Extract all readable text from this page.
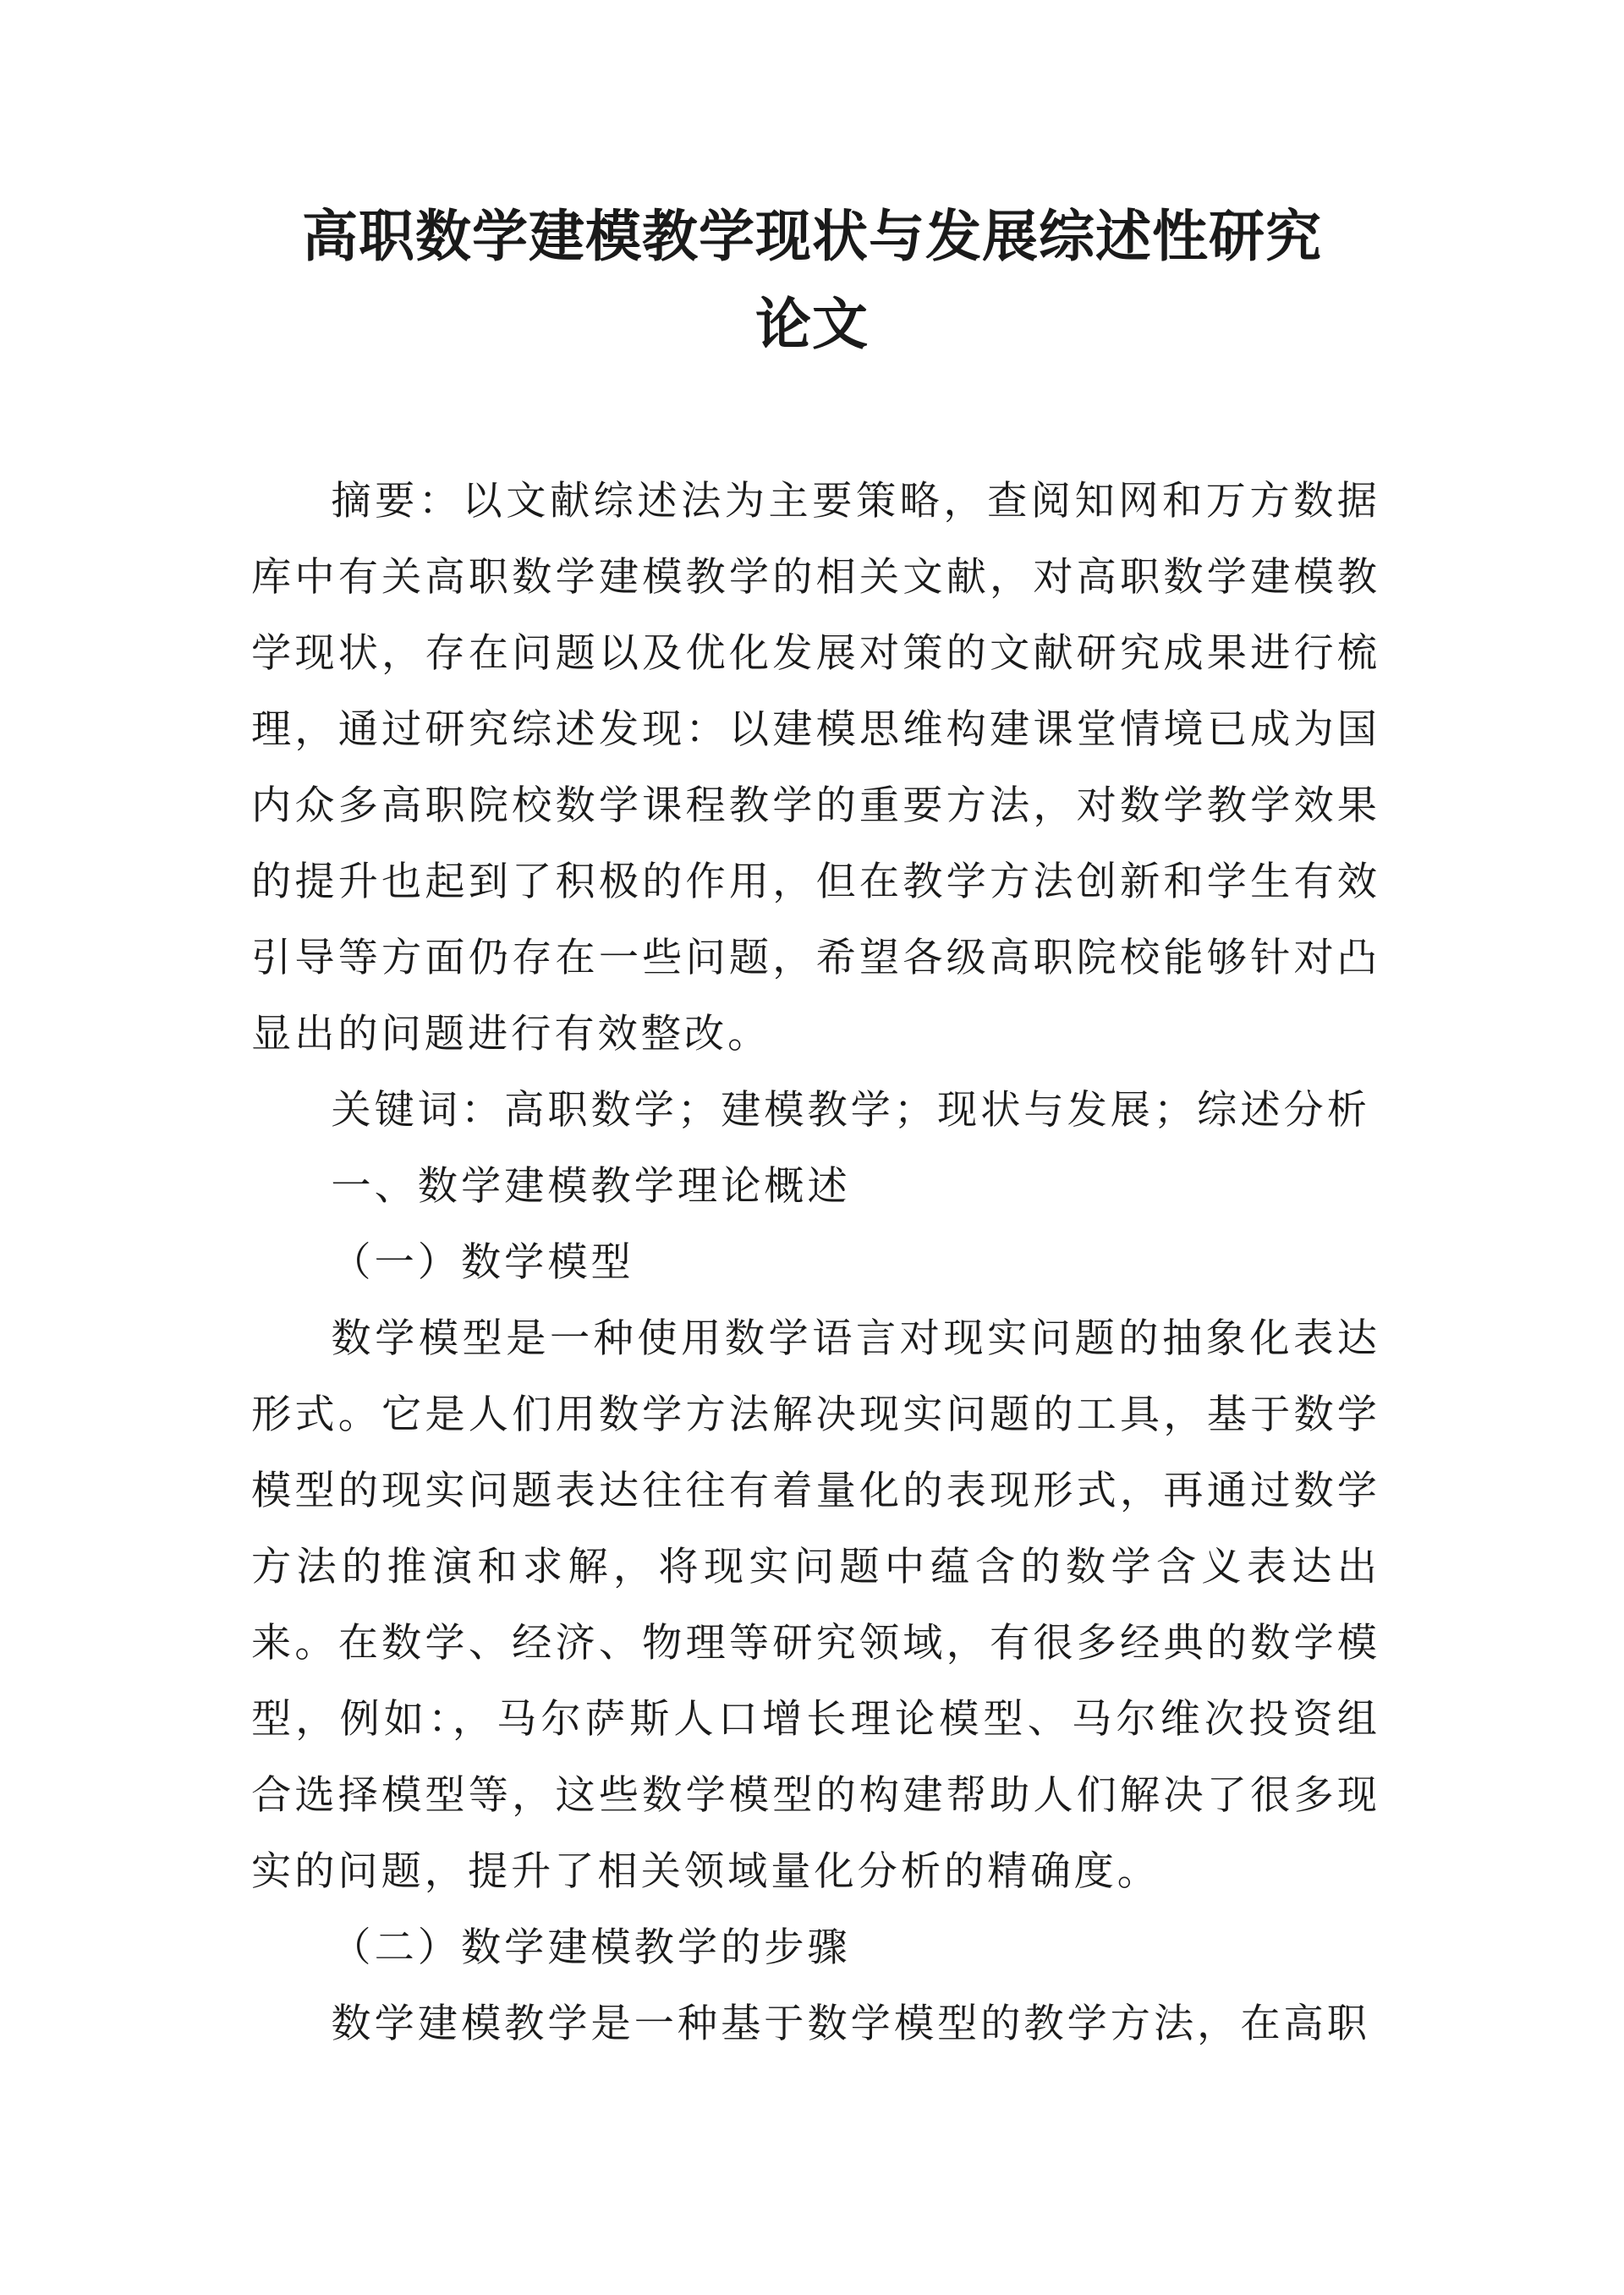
高职数学建模教学现状与发展综述性研究
论文

摘要：以文献综述法为主要策略，查阅知网和万方数据库中有关高职数学建模教学的相关文献，对高职数学建模教学现状，存在问题以及优化发展对策的文献研究成果进行梳理，通过研究综述发现：以建模思维构建课堂情境已成为国内众多高职院校数学课程教学的重要方法，对数学教学效果的提升也起到了积极的作用，但在教学方法创新和学生有效引导等方面仍存在一些问题，希望各级高职院校能够针对凸显出的问题进行有效整改。

关键词：高职数学；建模教学；现状与发展；综述分析

一、数学建模教学理论概述

（一）数学模型

数学模型是一种使用数学语言对现实问题的抽象化表达形式。它是人们用数学方法解决现实问题的工具，基于数学模型的现实问题表达往往有着量化的表现形式，再通过数学方法的推演和求解，将现实问题中蕴含的数学含义表达出来。在数学、经济、物理等研究领域，有很多经典的数学模型，例如：，马尔萨斯人口增长理论模型、马尔维次投资组合选择模型等，这些数学模型的构建帮助人们解决了很多现实的问题，提升了相关领域量化分析的精确度。

（二）数学建模教学的步骤

数学建模教学是一种基于数学模型的教学方法，在高职
